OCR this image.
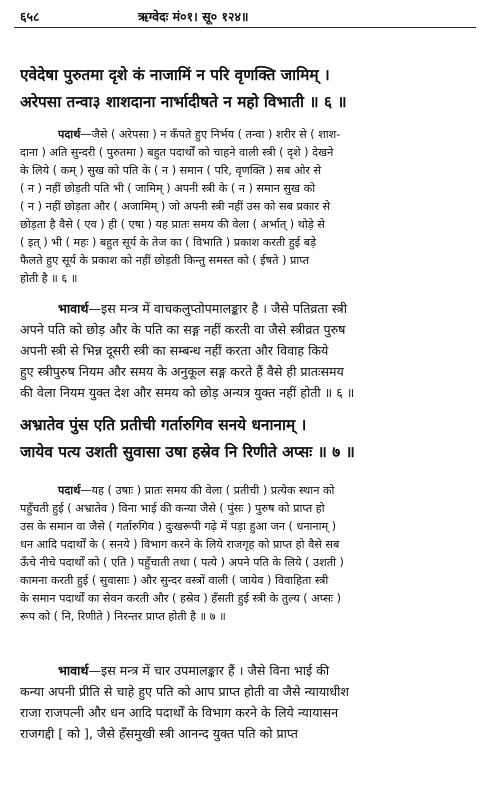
६५८	ऋग्वेदः मं०१। सू० १२४॥
एवेदेषा पुरुतमा दृशे कं नाजामिं न परि वृणक्ति जामिम् ।
अरेपसा तन्वा३ शाशदाना नार्भादीषते न महो विभाती ॥ ६ ॥
पदार्थ—जैसे ( अरेपसा ) न कँपते हुए निर्भय ( तन्वा ) शरीर से ( शाश-
दाना ) अति सुन्दरी ( पुरुतमा ) बहुत पदार्थों को चाहने वाली स्त्री ( दृशे ) देखने
के लिये ( कम् ) सुख को पति के ( न ) समान ( परि, वृणक्ति ) सब ओर से
( न ) नहीं छोड़ती पति भी ( जामिम् ) अपनी स्त्री के ( न ) समान सुख को
( न ) नहीं छोड़ता और ( अजामिम् ) जो अपनी स्त्री नहीं उस को सब प्रकार से
छोड़ता है वैसे ( एव ) ही ( एषा ) यह प्रातः समय की वेला ( अर्भात् ) थोड़े से
( इत् ) भी ( महः ) बहुत सूर्य के तेज का ( विभाति ) प्रकाश करती हुई बड़े
फैलते हुए सूर्य के प्रकाश को नहीं छोड़ती किन्तु समस्त को ( ईषते ) प्राप्त
होती है ॥ ६ ॥
भावार्थ—इस मन्त्र में वाचकलुप्तोपमालङ्कार है । जैसे पतिव्रता स्त्री
अपने पति को छोड़ और के पति का सङ्ग नहीं करती वा जैसे स्त्रीव्रत पुरुष
अपनी स्त्री से भिन्न दूसरी स्त्री का सम्बन्ध नहीं करता और विवाह किये
हुए स्त्रीपुरुष नियम और समय के अनुकूल सङ्ग करते हैं वैसे ही प्रातःसमय
की वेला नियम युक्त देश और समय को छोड़ अन्यत्र युक्त नहीं होती ॥ ६ ॥
अभ्रातेव पुंस एति प्रतीची गर्तारुगिव सनये धनानाम् ।
जायेव पत्य उशती सुवासा उषा हस्रेव नि रिणीते अप्सः ॥ ७ ॥
पदार्थ—यह ( उषाः ) प्रातः समय की वेला ( प्रतीची ) प्रत्येक स्थान को
पहुँचती हुई ( अभ्रातेव ) विना भाई की कन्या जैसे ( पुंसः ) पुरुष को प्राप्त हो
उस के समान वा जैसे ( गर्तारुगिव ) दुःखरूपी गढ़े में पड़ा हुआ जन ( धनानाम् )
धन आदि पदार्थों के ( सनये ) विभाग करने के लिये राजगृह को प्राप्त हो वैसे सब
ऊँचे नीचे पदार्थों को ( एति ) पहुँचाती तथा ( पत्ये ) अपने पति के लिये ( उशती )
कामना करती हुई ( सुवासाः ) और सुन्दर वस्त्रों वाली ( जायेव ) विवाहिता स्त्री
के समान पदार्थों का सेवन करती और ( हस्रेव ) हँसती हुई स्त्री के तुल्य ( अप्सः )
रूप को ( नि, रिणीते ) निरन्तर प्राप्त होती है ॥ ७ ॥
भावार्थ—इस मन्त्र में चार उपमालङ्कार हैं । जैसे विना भाई की
कन्या अपनी प्रीति से चाहे हुए पति को आप प्राप्त होती वा जैसे न्यायाधीश
राजा राजपत्नी और धन आदि पदार्थों के विभाग करने के लिये न्यायासन
राजगद्दी [ को ], जैसे हँसमुखी स्त्री आनन्द युक्त पति को प्राप्त
